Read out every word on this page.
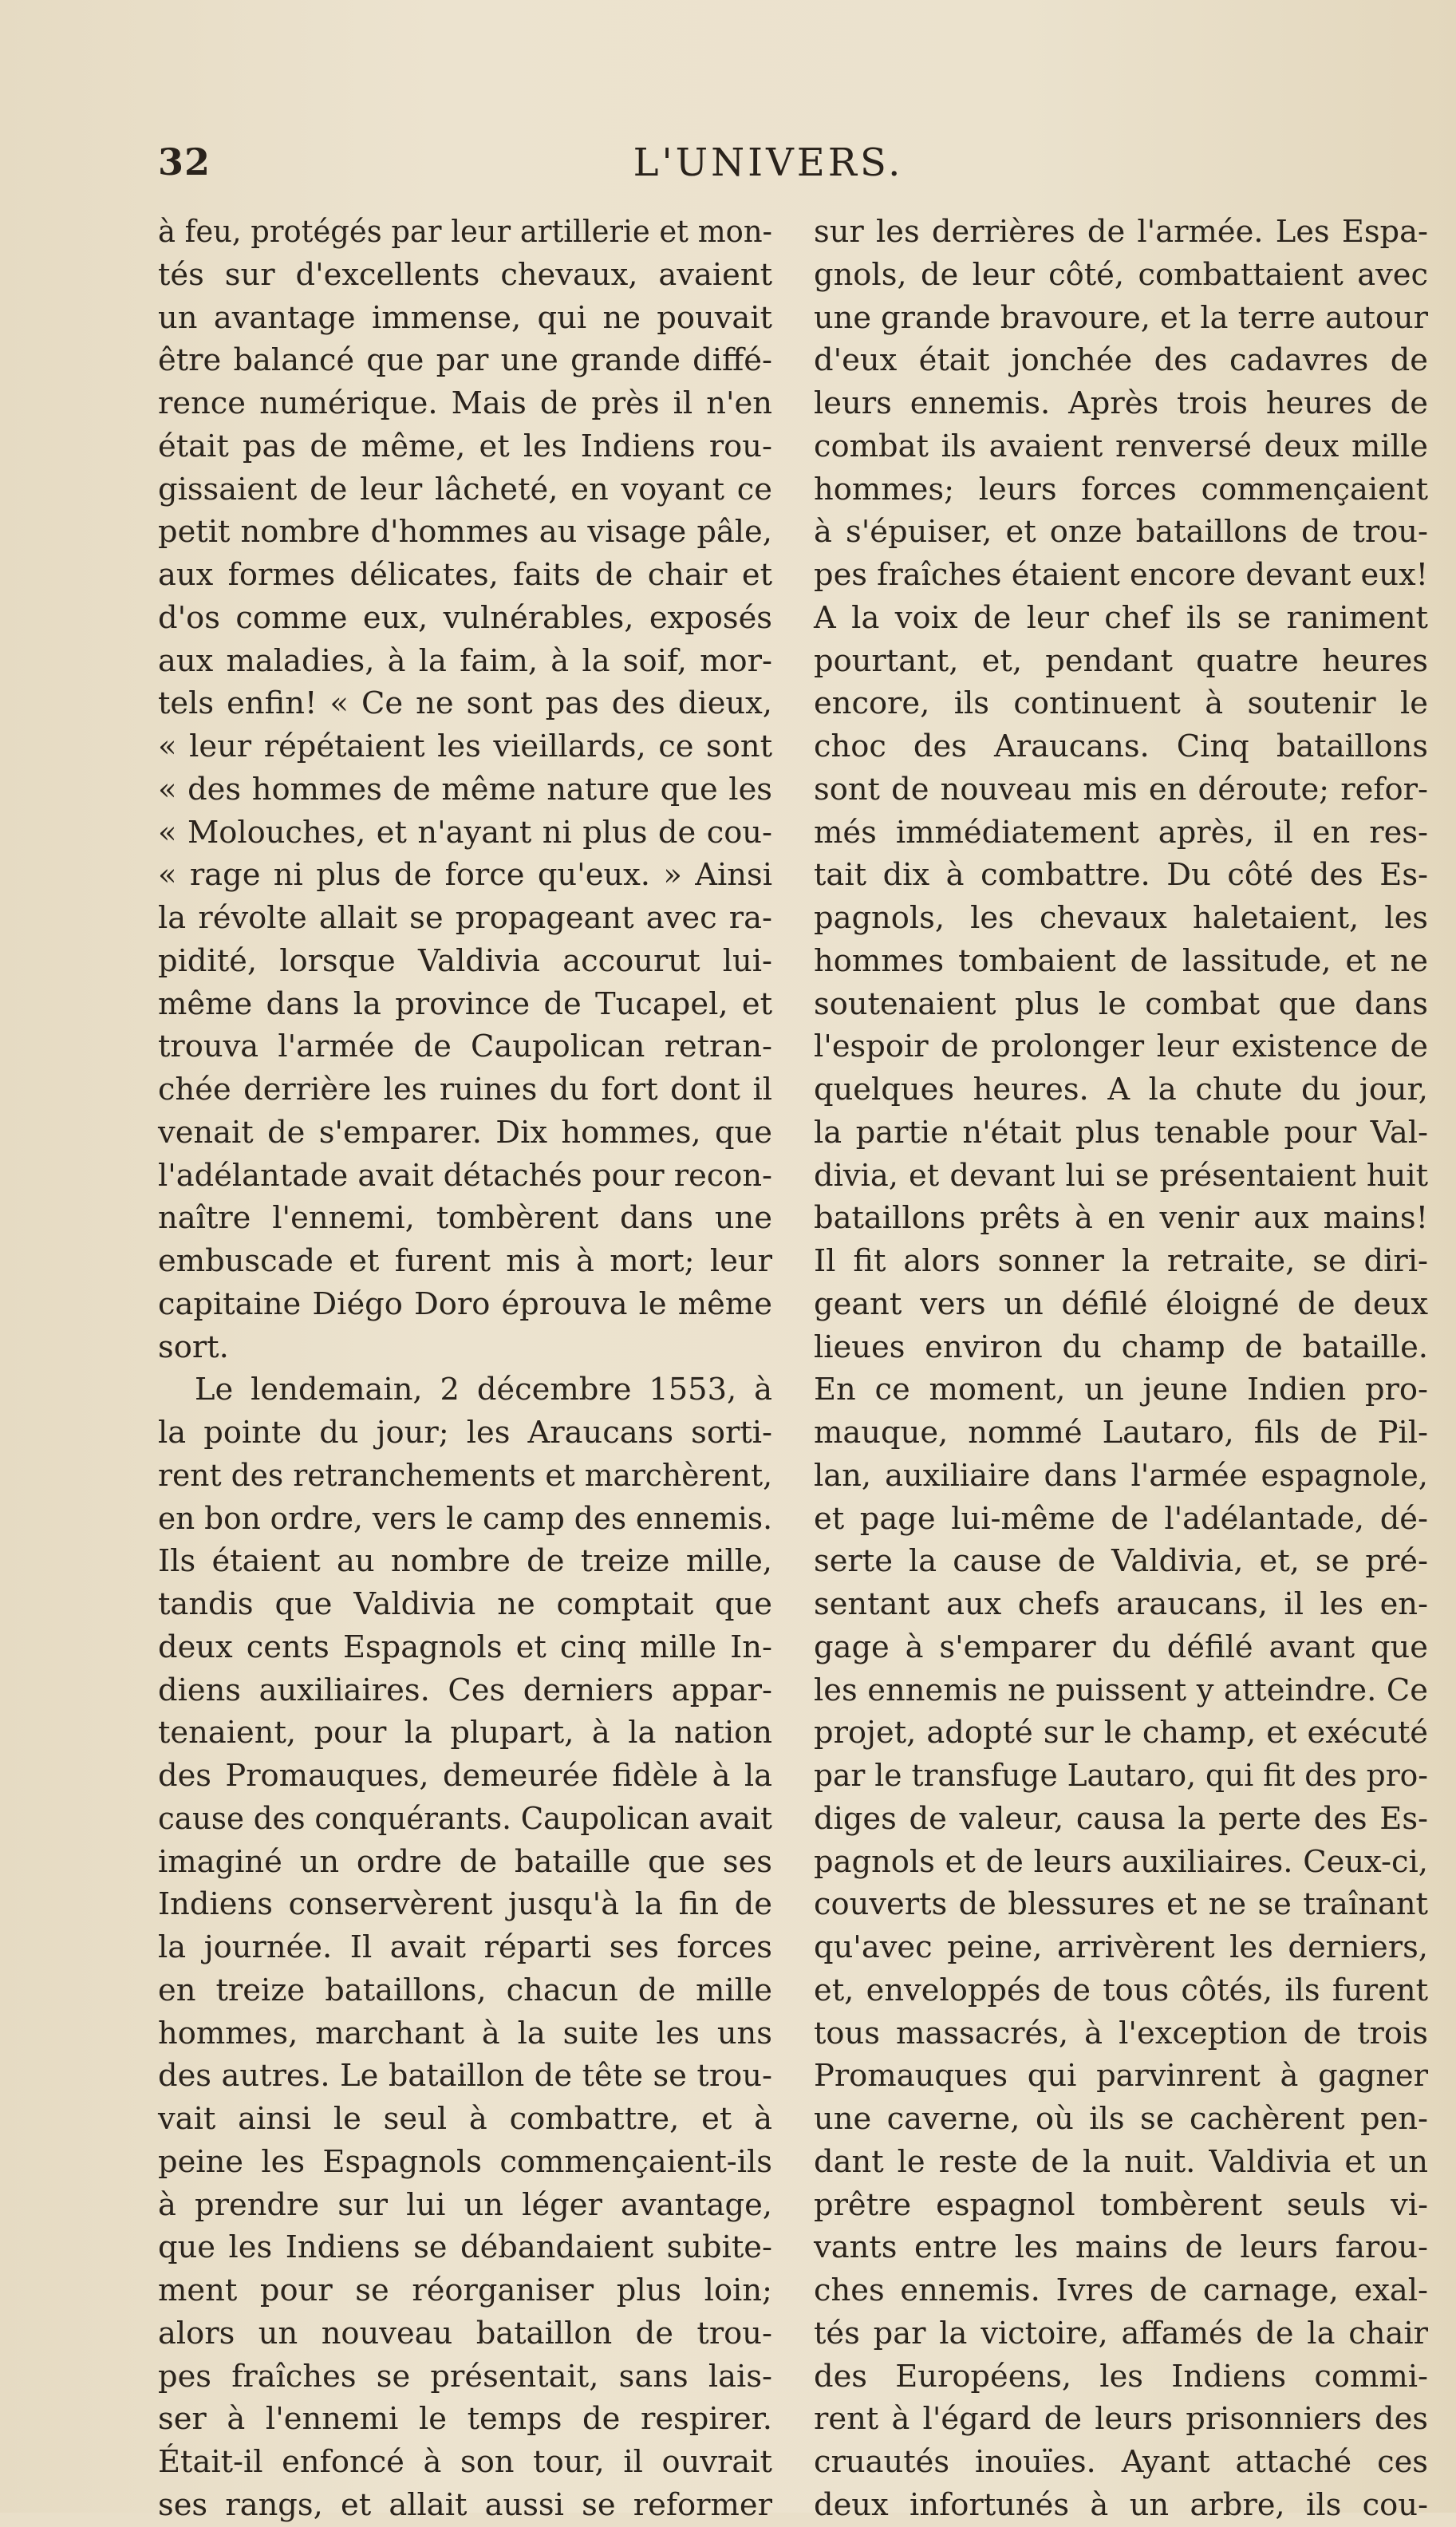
L'UNIVERS.
32
à feu, protégés par leur artillerie et mon-
tés sur d'excellents chevaux, avaient
un avantage immense, qui ne pouvait
être balancé que par une grande diffé-
rence numérique. Mais de près il n'en
était pas de même, et les Indiens rou-
gissaient de leur lâcheté, en voyant ce
petit nombre d'hommes au visage pâle,
aux formes délicates, faits de chair et
d'os comme eux, vulnérables, exposés
aux maladies, à la faim, à la soif, mor-
tels enfin! « Ce ne sont pas des dieux,
« leur répétaient les vieillards, ce sont
« des hommes de même nature que les
« Molouches, et n'ayant ni plus de cou-
« rage ni plus de force qu'eux. » Ainsi
la révolte allait se propageant avec ra-
pidité, lorsque Valdivia accourut lui-
même dans la province de Tucapel, et
trouva l'armée de Caupolican retran-
chée derrière les ruines du fort dont il
venait de s'emparer. Dix hommes, que
l'adélantade avait détachés pour recon-
naître l'ennemi, tombèrent dans une
embuscade et furent mis à mort; leur
capitaine Diégo Doro éprouva le même
sort.
Le lendemain, 2 décembre 1553, à
la pointe du jour; les Araucans sorti-
rent des retranchements et marchèrent,
en bon ordre, vers le camp des ennemis.
Ils étaient au nombre de treize mille,
tandis que Valdivia ne comptait que
deux cents Espagnols et cinq mille In-
diens auxiliaires. Ces derniers appar-
tenaient, pour la plupart, à la nation
des Promauques, demeurée fidèle à la
cause des conquérants. Caupolican avait
imaginé un ordre de bataille que ses
Indiens conservèrent jusqu'à la fin de
la journée. Il avait réparti ses forces
en treize bataillons, chacun de mille
hommes, marchant à la suite les uns
des autres. Le bataillon de tête se trou-
vait ainsi le seul à combattre, et à
peine les Espagnols commençaient-ils
à prendre sur lui un léger avantage,
que les Indiens se débandaient subite-
ment pour se réorganiser plus loin;
alors un nouveau bataillon de trou-
pes fraîches se présentait, sans lais-
ser à l'ennemi le temps de respirer.
Était-il enfoncé à son tour, il ouvrait
ses rangs, et allait aussi se reformer
sur les derrières de l'armée. Les Espa-
gnols, de leur côté, combattaient avec
une grande bravoure, et la terre autour
d'eux était jonchée des cadavres de
leurs ennemis. Après trois heures de
combat ils avaient renversé deux mille
hommes; leurs forces commençaient
à s'épuiser, et onze bataillons de trou-
pes fraîches étaient encore devant eux!
A la voix de leur chef ils se raniment
pourtant, et, pendant quatre heures
encore, ils continuent à soutenir le
choc des Araucans. Cinq bataillons
sont de nouveau mis en déroute; refor-
més immédiatement après, il en res-
tait dix à combattre. Du côté des Es-
pagnols, les chevaux haletaient, les
hommes tombaient de lassitude, et ne
soutenaient plus le combat que dans
l'espoir de prolonger leur existence de
quelques heures. A la chute du jour,
la partie n'était plus tenable pour Val-
divia, et devant lui se présentaient huit
bataillons prêts à en venir aux mains!
Il fit alors sonner la retraite, se diri-
geant vers un défilé éloigné de deux
lieues environ du champ de bataille.
En ce moment, un jeune Indien pro-
mauque, nommé Lautaro, fils de Pil-
lan, auxiliaire dans l'armée espagnole,
et page lui-même de l'adélantade, dé-
serte la cause de Valdivia, et, se pré-
sentant aux chefs araucans, il les en-
gage à s'emparer du défilé avant que
les ennemis ne puissent y atteindre. Ce
projet, adopté sur le champ, et exécuté
par le transfuge Lautaro, qui fit des pro-
diges de valeur, causa la perte des Es-
pagnols et de leurs auxiliaires. Ceux-ci,
couverts de blessures et ne se traînant
qu'avec peine, arrivèrent les derniers,
et, enveloppés de tous côtés, ils furent
tous massacrés, à l'exception de trois
Promauques qui parvinrent à gagner
une caverne, où ils se cachèrent pen-
dant le reste de la nuit. Valdivia et un
prêtre espagnol tombèrent seuls vi-
vants entre les mains de leurs farou-
ches ennemis. Ivres de carnage, exal-
tés par la victoire, affamés de la chair
des Européens, les Indiens commi-
rent à l'égard de leurs prisonniers des
cruautés inouïes. Ayant attaché ces
deux infortunés à un arbre, ils cou-
